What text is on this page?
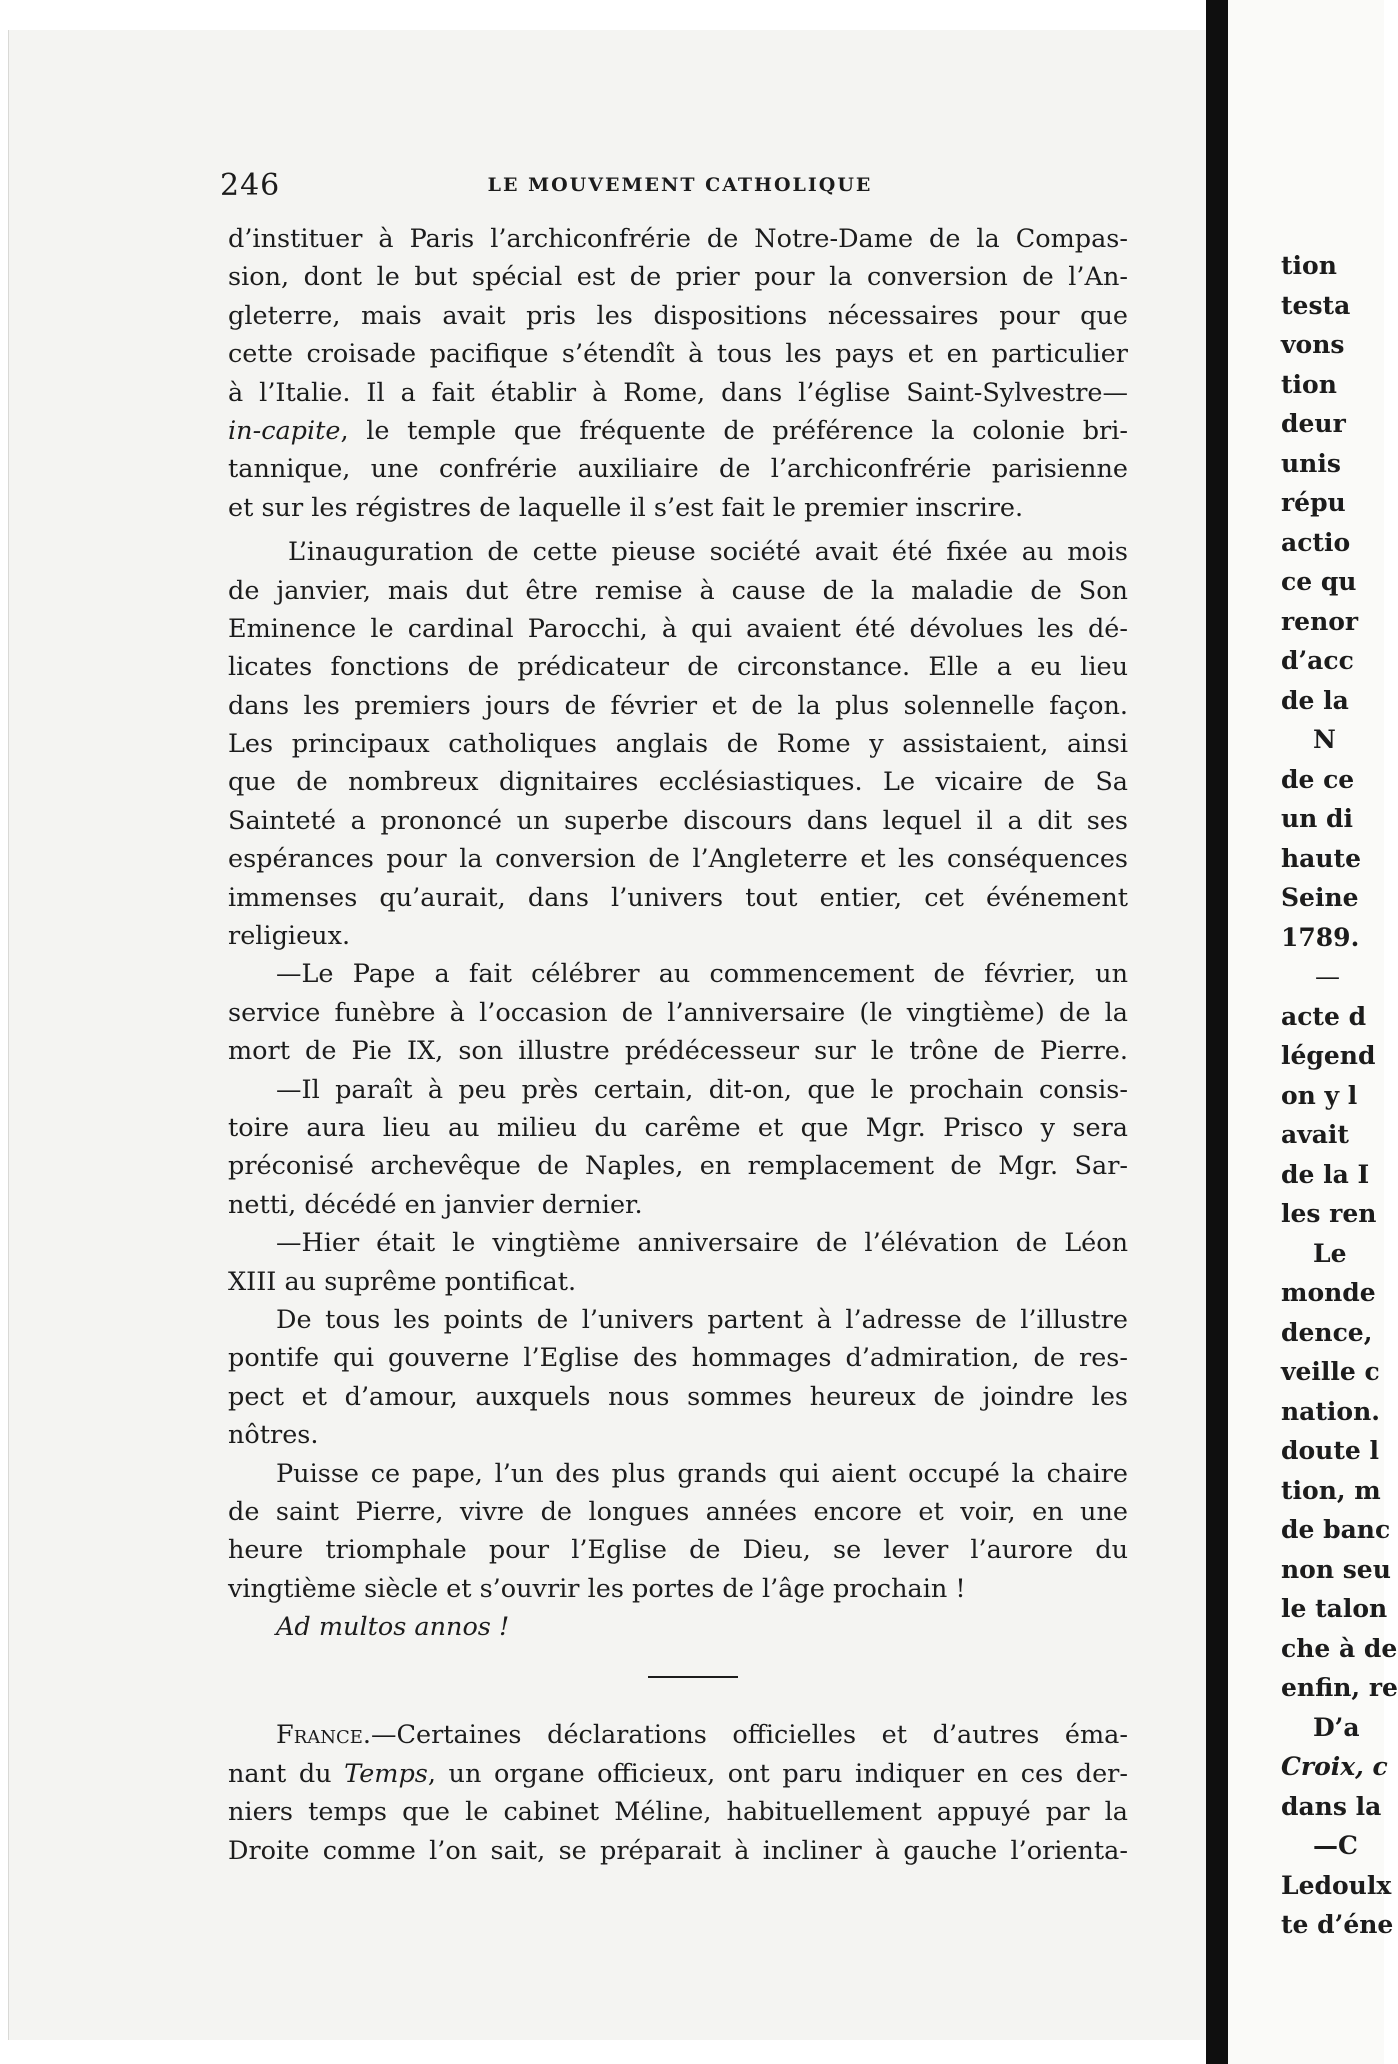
246	LE MOUVEMENT CATHOLIQUE
d’instituer à Paris l’archiconfrérie de Notre-Dame de la Compas-
sion, dont le but spécial est de prier pour la conversion de l’An-
gleterre, mais avait pris les dispositions nécessaires pour que
cette croisade pacifique s’étendît à tous les pays et en particulier
à l’Italie. Il a fait établir à Rome, dans l’église Saint-Sylvestre—
in-capite, le temple que fréquente de préférence la colonie bri-
tannique, une confrérie auxiliaire de l’archiconfrérie parisienne
et sur les régistres de laquelle il s’est fait le premier inscrire.
L’inauguration de cette pieuse société avait été fixée au mois
de janvier, mais dut être remise à cause de la maladie de Son
Eminence le cardinal Parocchi, à qui avaient été dévolues les dé-
licates fonctions de prédicateur de circonstance. Elle a eu lieu
dans les premiers jours de février et de la plus solennelle façon.
Les principaux catholiques anglais de Rome y assistaient, ainsi
que de nombreux dignitaires ecclésiastiques. Le vicaire de Sa
Sainteté a prononcé un superbe discours dans lequel il a dit ses
espérances pour la conversion de l’Angleterre et les conséquences
immenses qu’aurait, dans l’univers tout entier, cet événement
religieux.
—Le Pape a fait célébrer au commencement de février, un
service funèbre à l’occasion de l’anniversaire (le vingtième) de la
mort de Pie IX, son illustre prédécesseur sur le trône de Pierre.
—Il paraît à peu près certain, dit-on, que le prochain consis-
toire aura lieu au milieu du carême et que Mgr. Prisco y sera
préconisé archevêque de Naples, en remplacement de Mgr. Sar-
netti, décédé en janvier dernier.
—Hier était le vingtième anniversaire de l’élévation de Léon
XIII au suprême pontificat.
De tous les points de l’univers partent à l’adresse de l’illustre
pontife qui gouverne l’Eglise des hommages d’admiration, de res-
pect et d’amour, auxquels nous sommes heureux de joindre les
nôtres.
Puisse ce pape, l’un des plus grands qui aient occupé la chaire
de saint Pierre, vivre de longues années encore et voir, en une
heure triomphale pour l’Eglise de Dieu, se lever l’aurore du
vingtième siècle et s’ouvrir les portes de l’âge prochain !
Ad multos annos !
France.—Certaines déclarations officielles et d’autres éma-
nant du Temps, un organe officieux, ont paru indiquer en ces der-
niers temps que le cabinet Méline, habituellement appuyé par la
Droite comme l’on sait, se préparait à incliner à gauche l’orienta-
tion
testa
vons
tion
deur
unis
répu
actio
ce qu
renor
d’acc
de la
N
de ce
un di
haute
Seine
1789.
—
acte d
légend
on y l
avait
de la I
les ren
Le
monde
dence,
veille c
nation.
doute l
tion, m
de banc
non seu
le talon
che à de
enfin, re
D’a
Croix, c
dans la
—C
Ledoulx
te d’éne
